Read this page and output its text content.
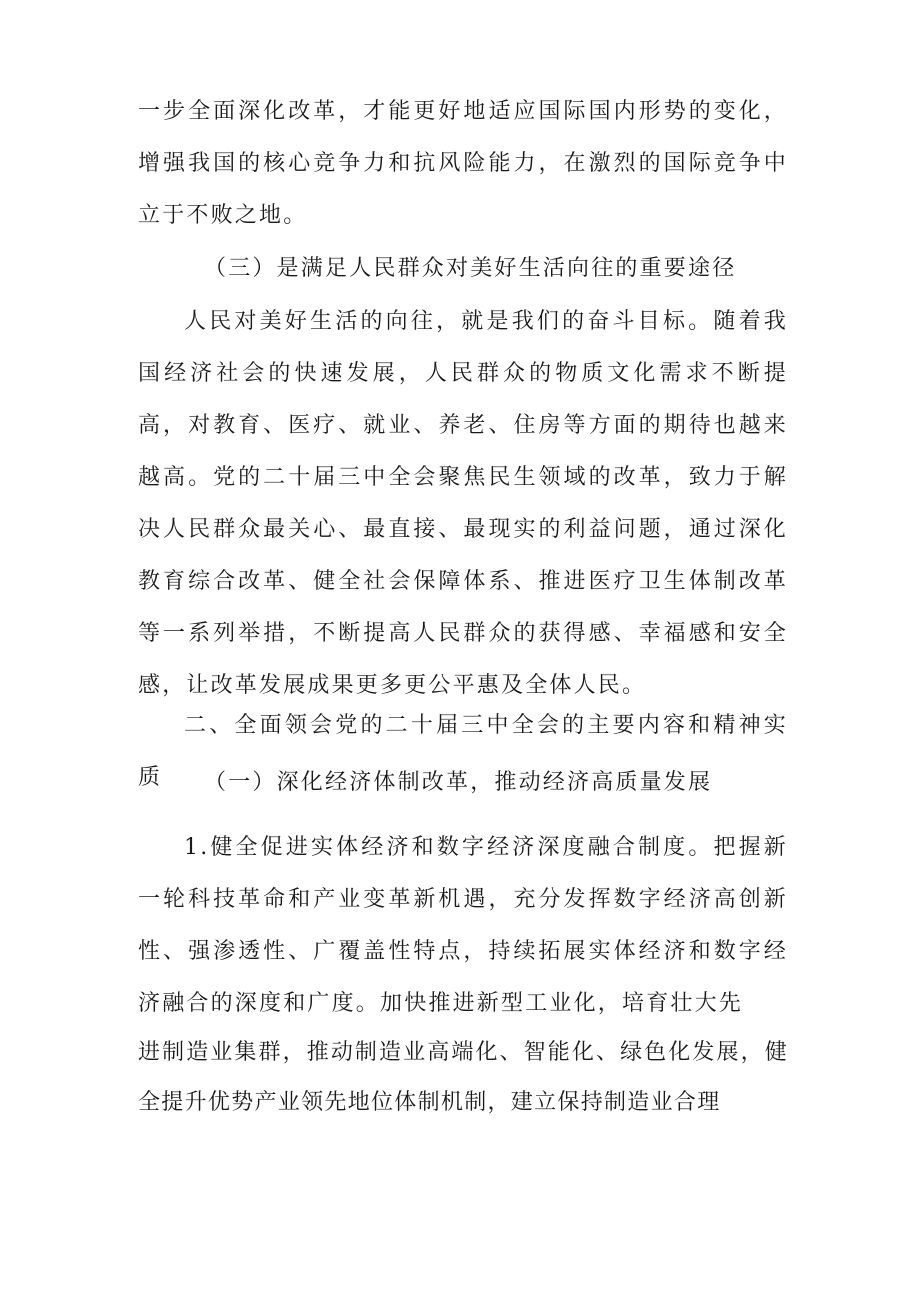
一步全面深化改革，才能更好地适应国际国内形势的变化，增强我国的核心竞争力和抗风险能力，在激烈的国际竞争中立于不败之地。

（三）是满足人民群众对美好生活向往的重要途径

人民对美好生活的向往，就是我们的奋斗目标。随着我国经济社会的快速发展，人民群众的物质文化需求不断提高，对教育、医疗、就业、养老、住房等方面的期待也越来越高。党的二十届三中全会聚焦民生领域的改革，致力于解决人民群众最关心、最直接、最现实的利益问题，通过深化教育综合改革、健全社会保障体系、推进医疗卫生体制改革等一系列举措，不断提高人民群众的获得感、幸福感和安全感，让改革发展成果更多更公平惠及全体人民。

二、全面领会党的二十届三中全会的主要内容和精神实质	（一）深化经济体制改革，推动经济高质量发展

1.健全促进实体经济和数字经济深度融合制度。把握新一轮科技革命和产业变革新机遇，充分发挥数字经济高创新性、强渗透性、广覆盖性特点，持续拓展实体经济和数字经济融合的深度和广度。加快推进新型工业化，培育壮大先

进制造业集群，推动制造业高端化、智能化、绿色化发展，健全提升优势产业领先地位体制机制，建立保持制造业合理
